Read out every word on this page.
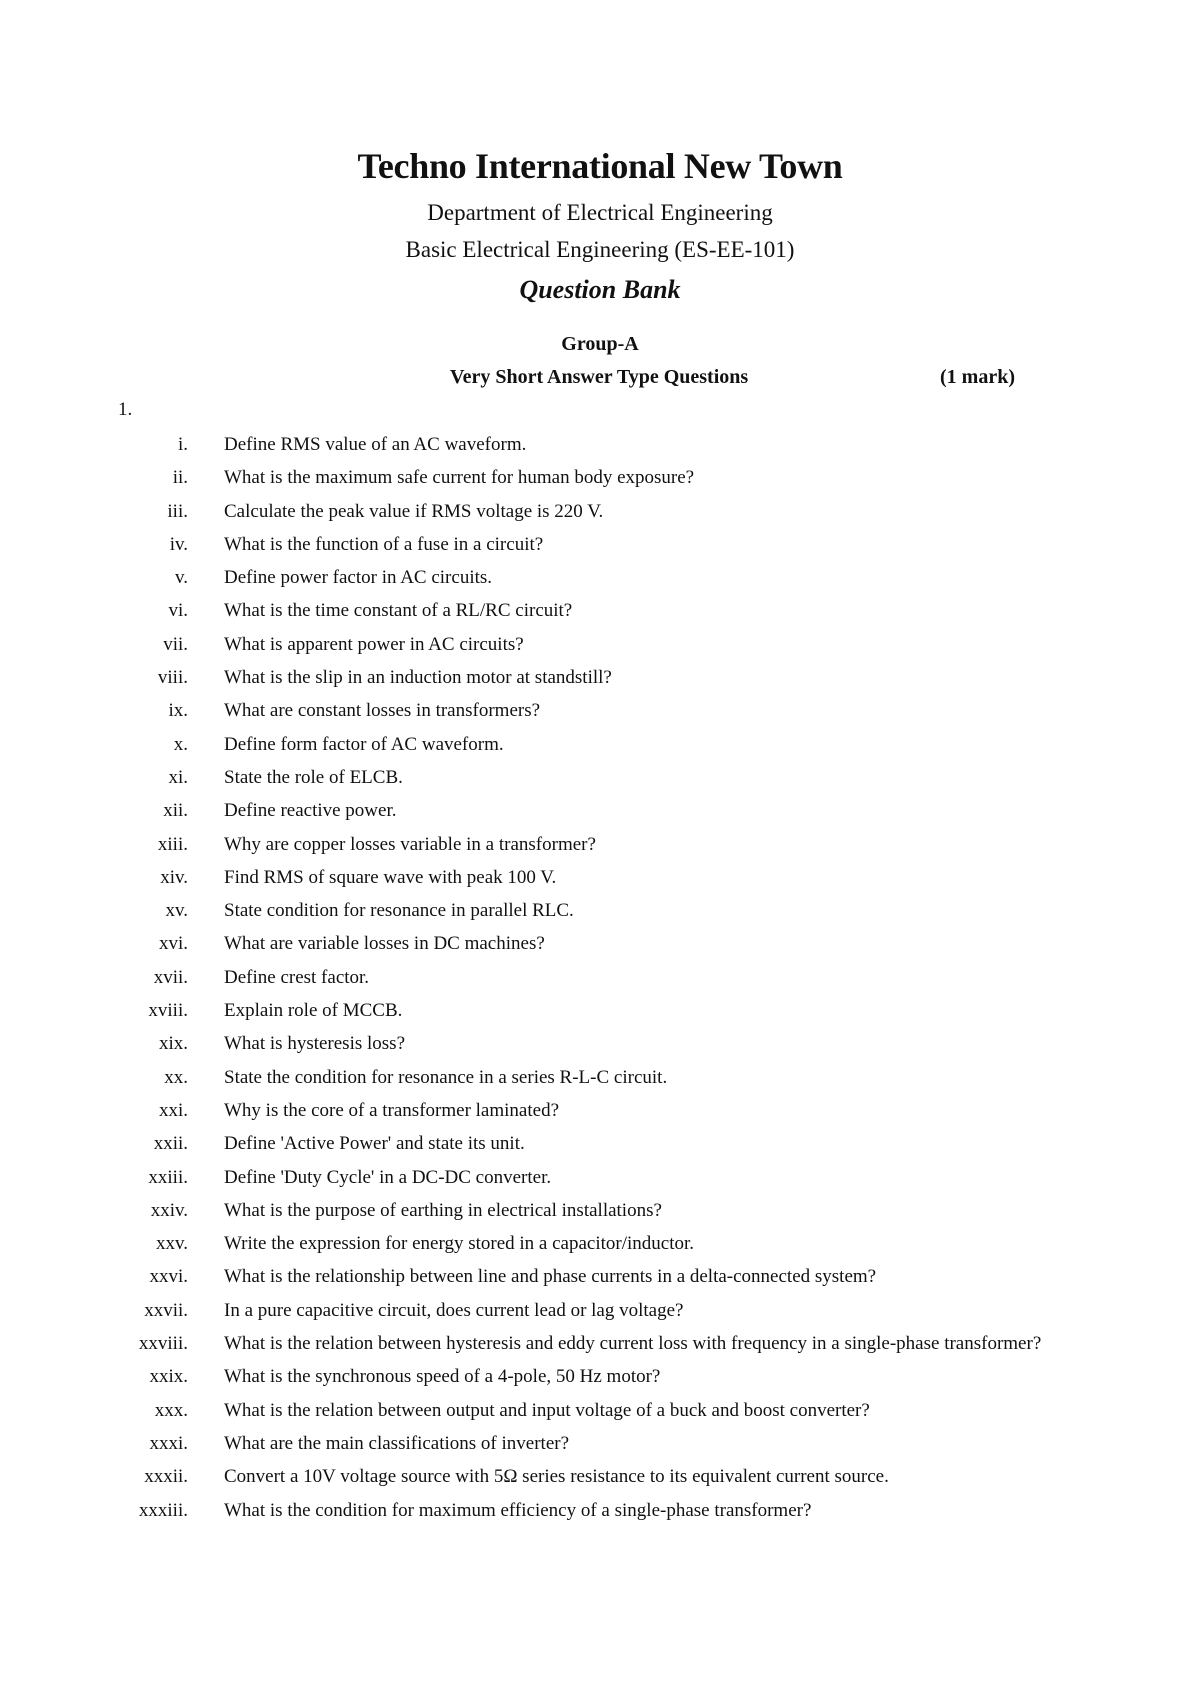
Techno International New Town
Department of Electrical Engineering
Basic Electrical Engineering (ES-EE-101)
Question Bank
Group-A
Very Short Answer Type Questions	(1 mark)
1.
i. Define RMS value of an AC waveform.
ii. What is the maximum safe current for human body exposure?
iii. Calculate the peak value if RMS voltage is 220 V.
iv. What is the function of a fuse in a circuit?
v. Define power factor in AC circuits.
vi. What is the time constant of a RL/RC circuit?
vii. What is apparent power in AC circuits?
viii. What is the slip in an induction motor at standstill?
ix. What are constant losses in transformers?
x. Define form factor of AC waveform.
xi. State the role of ELCB.
xii. Define reactive power.
xiii. Why are copper losses variable in a transformer?
xiv. Find RMS of square wave with peak 100 V.
xv. State condition for resonance in parallel RLC.
xvi. What are variable losses in DC machines?
xvii. Define crest factor.
xviii. Explain role of MCCB.
xix. What is hysteresis loss?
xx. State the condition for resonance in a series R-L-C circuit.
xxi. Why is the core of a transformer laminated?
xxii. Define 'Active Power' and state its unit.
xxiii. Define 'Duty Cycle' in a DC-DC converter.
xxiv. What is the purpose of earthing in electrical installations?
xxv. Write the expression for energy stored in a capacitor/inductor.
xxvi. What is the relationship between line and phase currents in a delta-connected system?
xxvii. In a pure capacitive circuit, does current lead or lag voltage?
xxviii. What is the relation between hysteresis and eddy current loss with frequency in a single-phase transformer?
xxix. What is the synchronous speed of a 4-pole, 50 Hz motor?
xxx. What is the relation between output and input voltage of a buck and boost converter?
xxxi. What are the main classifications of inverter?
xxxii. Convert a 10V voltage source with 5Ω series resistance to its equivalent current source.
xxxiii. What is the condition for maximum efficiency of a single-phase transformer?
